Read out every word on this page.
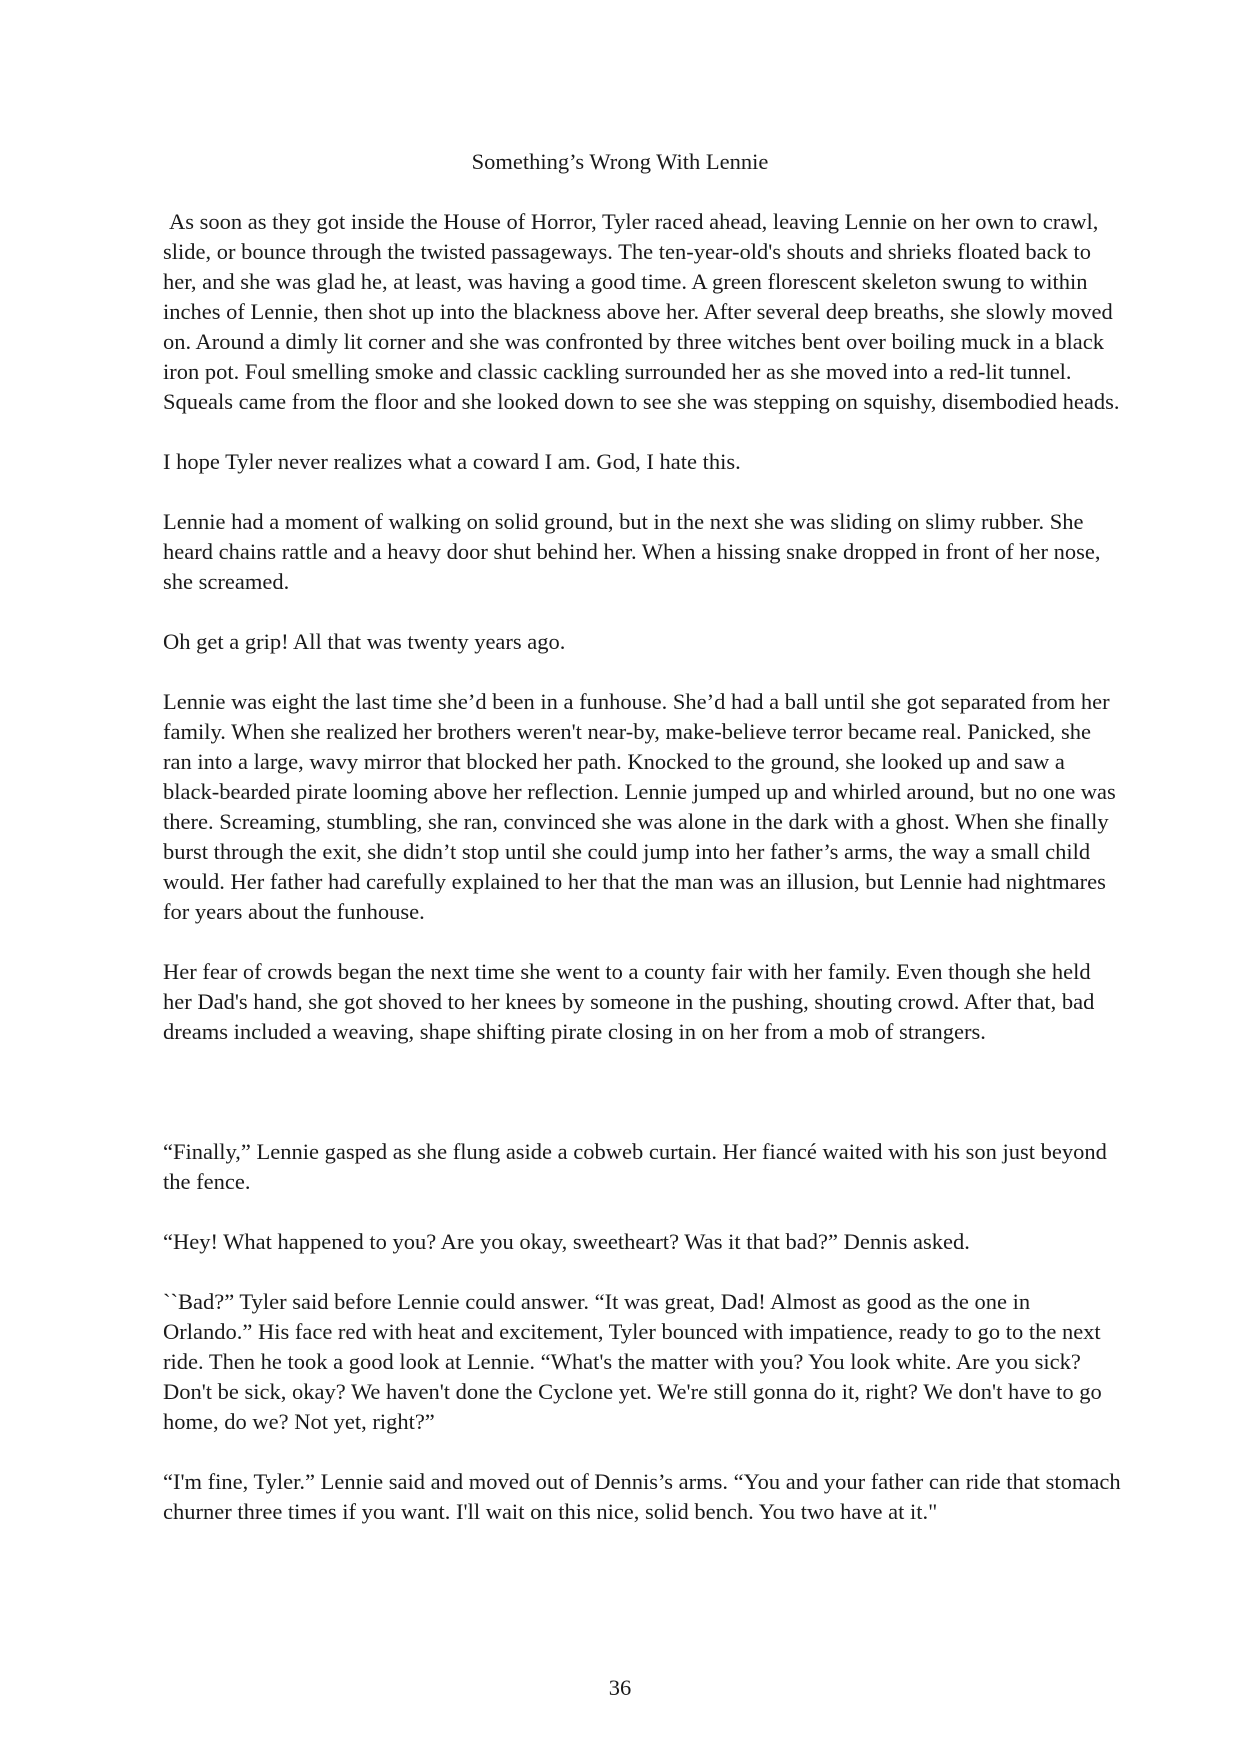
Something’s Wrong With Lennie

As soon as they got inside the House of Horror, Tyler raced ahead, leaving Lennie on her own to crawl, slide, or bounce through the twisted passageways. The ten-year-old's shouts and shrieks floated back to her, and she was glad he, at least, was having a good time. A green florescent skeleton swung to within inches of Lennie, then shot up into the blackness above her. After several deep breaths, she slowly moved on. Around a dimly lit corner and she was confronted by three witches bent over boiling muck in a black iron pot. Foul smelling smoke and classic cackling surrounded her as she moved into a red-lit tunnel. Squeals came from the floor and she looked down to see she was stepping on squishy, disembodied heads.

I hope Tyler never realizes what a coward I am. God, I hate this.

Lennie had a moment of walking on solid ground, but in the next she was sliding on slimy rubber. She heard chains rattle and a heavy door shut behind her. When a hissing snake dropped in front of her nose, she screamed.

Oh get a grip! All that was twenty years ago.

Lennie was eight the last time she’d been in a funhouse. She’d had a ball until she got separated from her family. When she realized her brothers weren't near-by, make-believe terror became real. Panicked, she ran into a large, wavy mirror that blocked her path. Knocked to the ground, she looked up and saw a black-bearded pirate looming above her reflection. Lennie jumped up and whirled around, but no one was there. Screaming, stumbling, she ran, convinced she was alone in the dark with a ghost. When she finally burst through the exit, she didn’t stop until she could jump into her father’s arms, the way a small child would. Her father had carefully explained to her that the man was an illusion, but Lennie had nightmares for years about the funhouse.

Her fear of crowds began the next time she went to a county fair with her family. Even though she held her Dad's hand, she got shoved to her knees by someone in the pushing, shouting crowd. After that, bad dreams included a weaving, shape shifting pirate closing in on her from a mob of strangers.

“Finally,” Lennie gasped as she flung aside a cobweb curtain. Her fiancé waited with his son just beyond the fence.

“Hey! What happened to you? Are you okay, sweetheart? Was it that bad?” Dennis asked.

``Bad?” Tyler said before Lennie could answer. “It was great, Dad! Almost as good as the one in Orlando.” His face red with heat and excitement, Tyler bounced with impatience, ready to go to the next ride. Then he took a good look at Lennie. “What's the matter with you? You look white. Are you sick? Don't be sick, okay? We haven't done the Cyclone yet. We're still gonna do it, right? We don't have to go home, do we? Not yet, right?”

“I'm fine, Tyler.” Lennie said and moved out of Dennis’s arms. “You and your father can ride that stomach churner three times if you want. I'll wait on this nice, solid bench. You two have at it."

36
